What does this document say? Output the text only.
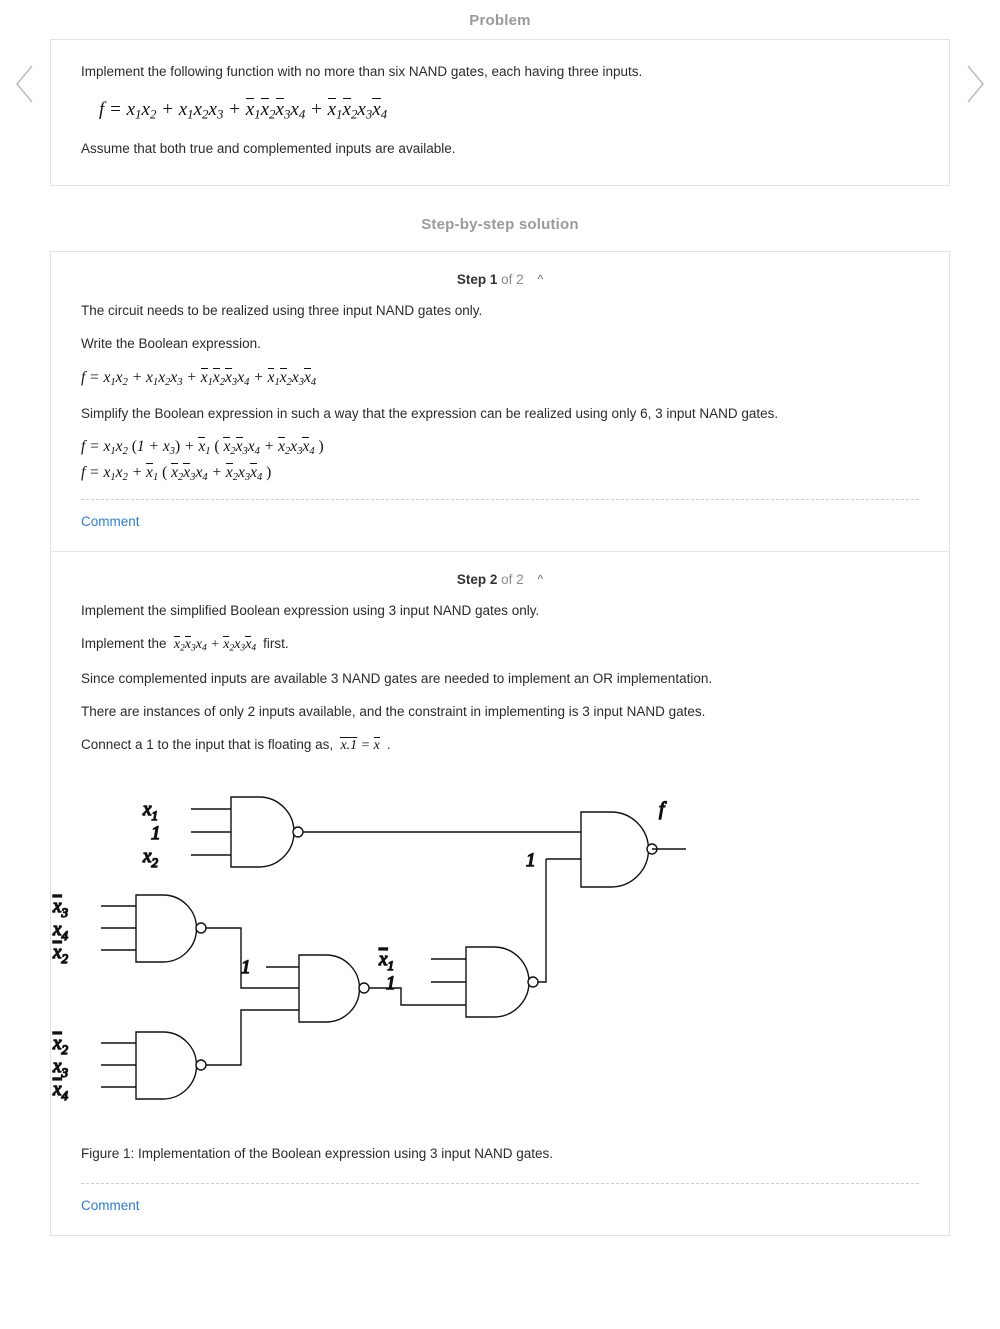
Problem

Implement the following function with no more than six NAND gates, each having three inputs.

$f = x_1x_2 + x_1x_2x_3 + x_1x_2x_3x_4 + x_1x_2x_3x_4$

Assume that both true and complemented inputs are available.

Step-by-step solution
Step 1 of 2 ^

The circuit needs to be realized using three input NAND gates only.

Write the Boolean expression.

$f = x_1x_2 + x_1x_2x_3 + x_1x_2x_3x_4 + x_1x_2x_3x_4$

Simplify the Boolean expression in such a way that the expression can be realized using only 6, 3 input NAND gates.

$f = x_1x_2$ $(1 + x_3) + x_1$ ( $x_2x_3x_4 + x_2x_3x_4$ )
$f = x_1x_2 + x_1$ ( $x_2x_3x_4 + x_2x_3x_4$ )
Comment
Step 2 of 2 ^

Implement the simplified Boolean expression using 3 input NAND gates only.

Implement the $x_2x_3x_4 + x_2x_3x_4$ first.

Since complemented inputs are available 3 NAND gates are needed to implement an OR implementation.

There are instances of only 2 inputs available, and the constraint in implementing is 3 input NAND gates.

Connect a 1 to the input that is floating as, x.1 = x .

$x_1$
1
$x_2$	1
f
$x_3$
$x_4$
$x_2$
$x_2$
$x_3$
$x_4$
1	$x_1$
1

Figure 1: Implementation of the Boolean expression using 3 input NAND gates.

Comment
